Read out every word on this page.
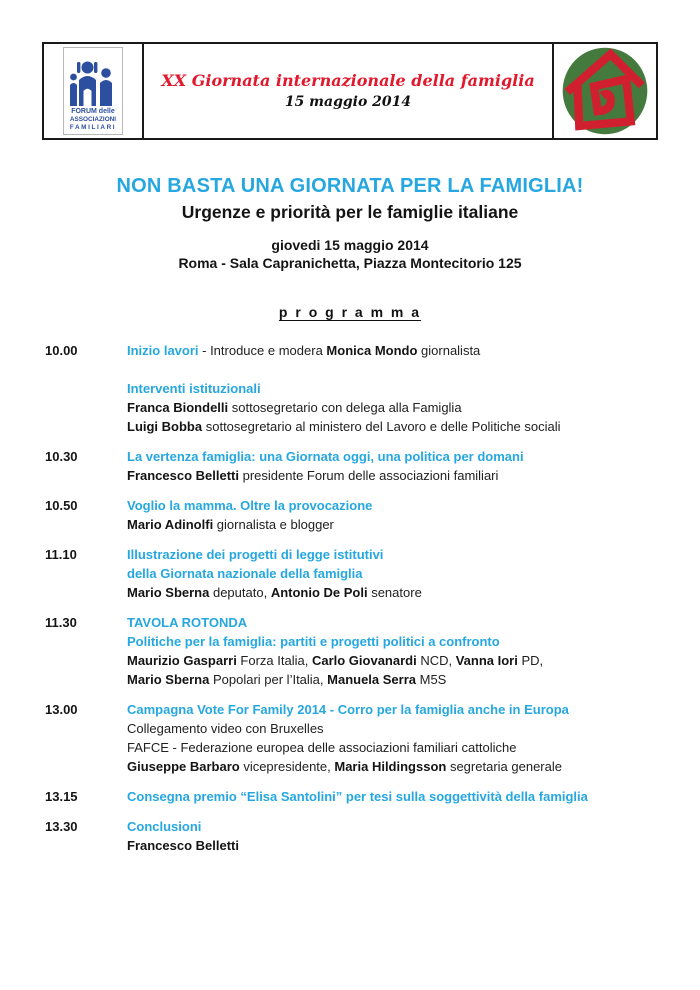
FORUM delle
ASSOCIAZIONI
FAMILIARI
XX Giornata internazionale della famiglia
15 maggio 2014
NON BASTA UNA GIORNATA PER LA FAMIGLIA!
Urgenze e priorità per le famiglie italiane
giovedi 15 maggio 2014
Roma - Sala Capranichetta, Piazza Montecitorio 125
p r o g r a m m a
10.00	Inizio lavori - Introduce e modera Monica Mondo giornalista
Interventi istituzionali
Franca Biondelli sottosegretario con delega alla Famiglia
Luigi Bobba sottosegretario al ministero del Lavoro e delle Politiche sociali
10.30	La vertenza famiglia: una Giornata oggi, una politica per domani
Francesco Belletti presidente Forum delle associazioni familiari
10.50	Voglio la mamma. Oltre la provocazione
Mario Adinolfi giornalista e blogger
11.10	Illustrazione dei progetti di legge istitutivi
della Giornata nazionale della famiglia
Mario Sberna deputato, Antonio De Poli senatore
11.30	TAVOLA ROTONDA
Politiche per la famiglia: partiti e progetti politici a confronto
Maurizio Gasparri Forza Italia, Carlo Giovanardi NCD, Vanna Iori PD,
Mario Sberna Popolari per l’Italia, Manuela Serra M5S
13.00	Campagna Vote For Family 2014 - Corro per la famiglia anche in Europa
Collegamento video con Bruxelles
FAFCE - Federazione europea delle associazioni familiari cattoliche
Giuseppe Barbaro vicepresidente, Maria Hildingsson segretaria generale
13.15	Consegna premio “Elisa Santolini” per tesi sulla soggettività della famiglia
13.30	Conclusioni
Francesco Belletti
